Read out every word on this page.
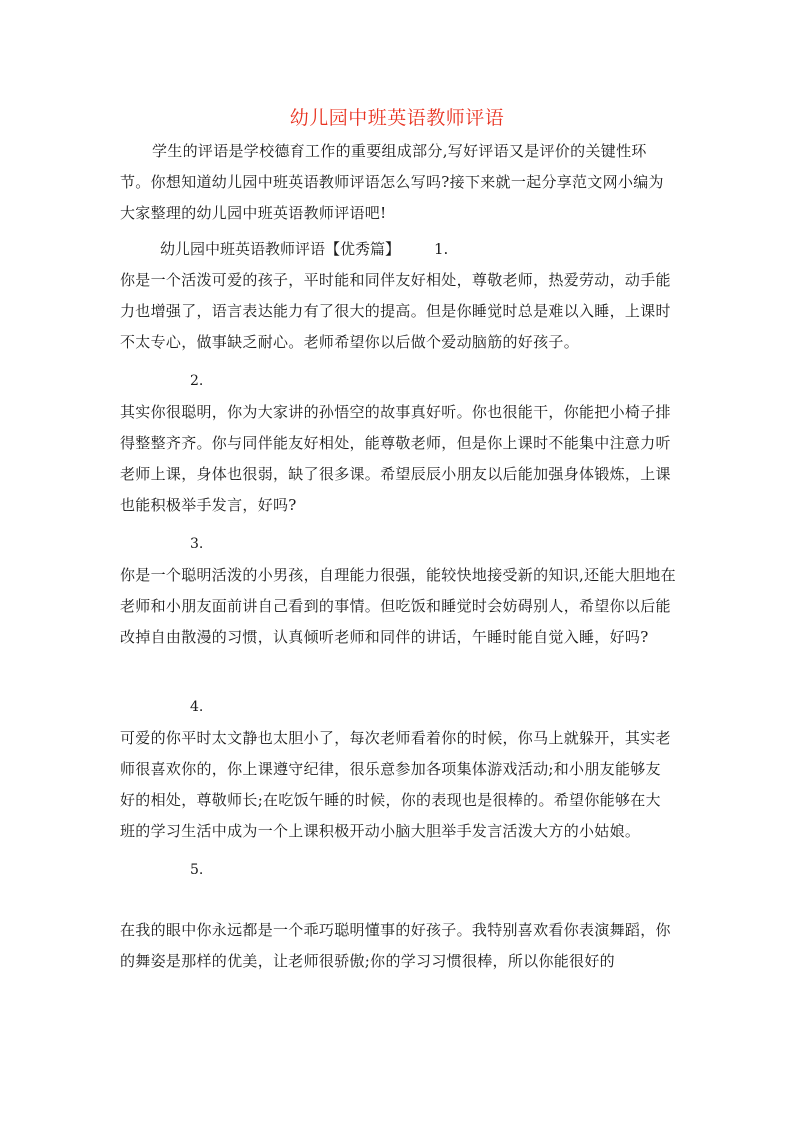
幼儿园中班英语教师评语
学生的评语是学校德育工作的重要组成部分,写好评语又是评价的关键性环节。你想知道幼儿园中班英语教师评语怎么写吗?接下来就一起分享范文网小编为大家整理的幼儿园中班英语教师评语吧!
幼儿园中班英语教师评语【优秀篇】 1.
你是一个活泼可爱的孩子，平时能和同伴友好相处，尊敬老师，热爱劳动，动手能力也增强了，语言表达能力有了很大的提高。但是你睡觉时总是难以入睡，上课时不太专心，做事缺乏耐心。老师希望你以后做个爱动脑筋的好孩子。
2.
其实你很聪明，你为大家讲的孙悟空的故事真好听。你也很能干，你能把小椅子排得整整齐齐。你与同伴能友好相处，能尊敬老师，但是你上课时不能集中注意力听老师上课，身体也很弱，缺了很多课。希望辰辰小朋友以后能加强身体锻炼，上课也能积极举手发言，好吗?
3.
你是一个聪明活泼的小男孩，自理能力很强，能较快地接受新的知识,还能大胆地在老师和小朋友面前讲自己看到的事情。但吃饭和睡觉时会妨碍别人，希望你以后能改掉自由散漫的习惯，认真倾听老师和同伴的讲话，午睡时能自觉入睡，好吗?
4.
可爱的你平时太文静也太胆小了，每次老师看着你的时候，你马上就躲开，其实老师很喜欢你的，你上课遵守纪律，很乐意参加各项集体游戏活动;和小朋友能够友好的相处，尊敬师长;在吃饭午睡的时候，你的表现也是很棒的。希望你能够在大班的学习生活中成为一个上课积极开动小脑大胆举手发言活泼大方的小姑娘。
5.
在我的眼中你永远都是一个乖巧聪明懂事的好孩子。我特别喜欢看你表演舞蹈，你的舞姿是那样的优美，让老师很骄傲;你的学习习惯很棒，所以你能很好的
